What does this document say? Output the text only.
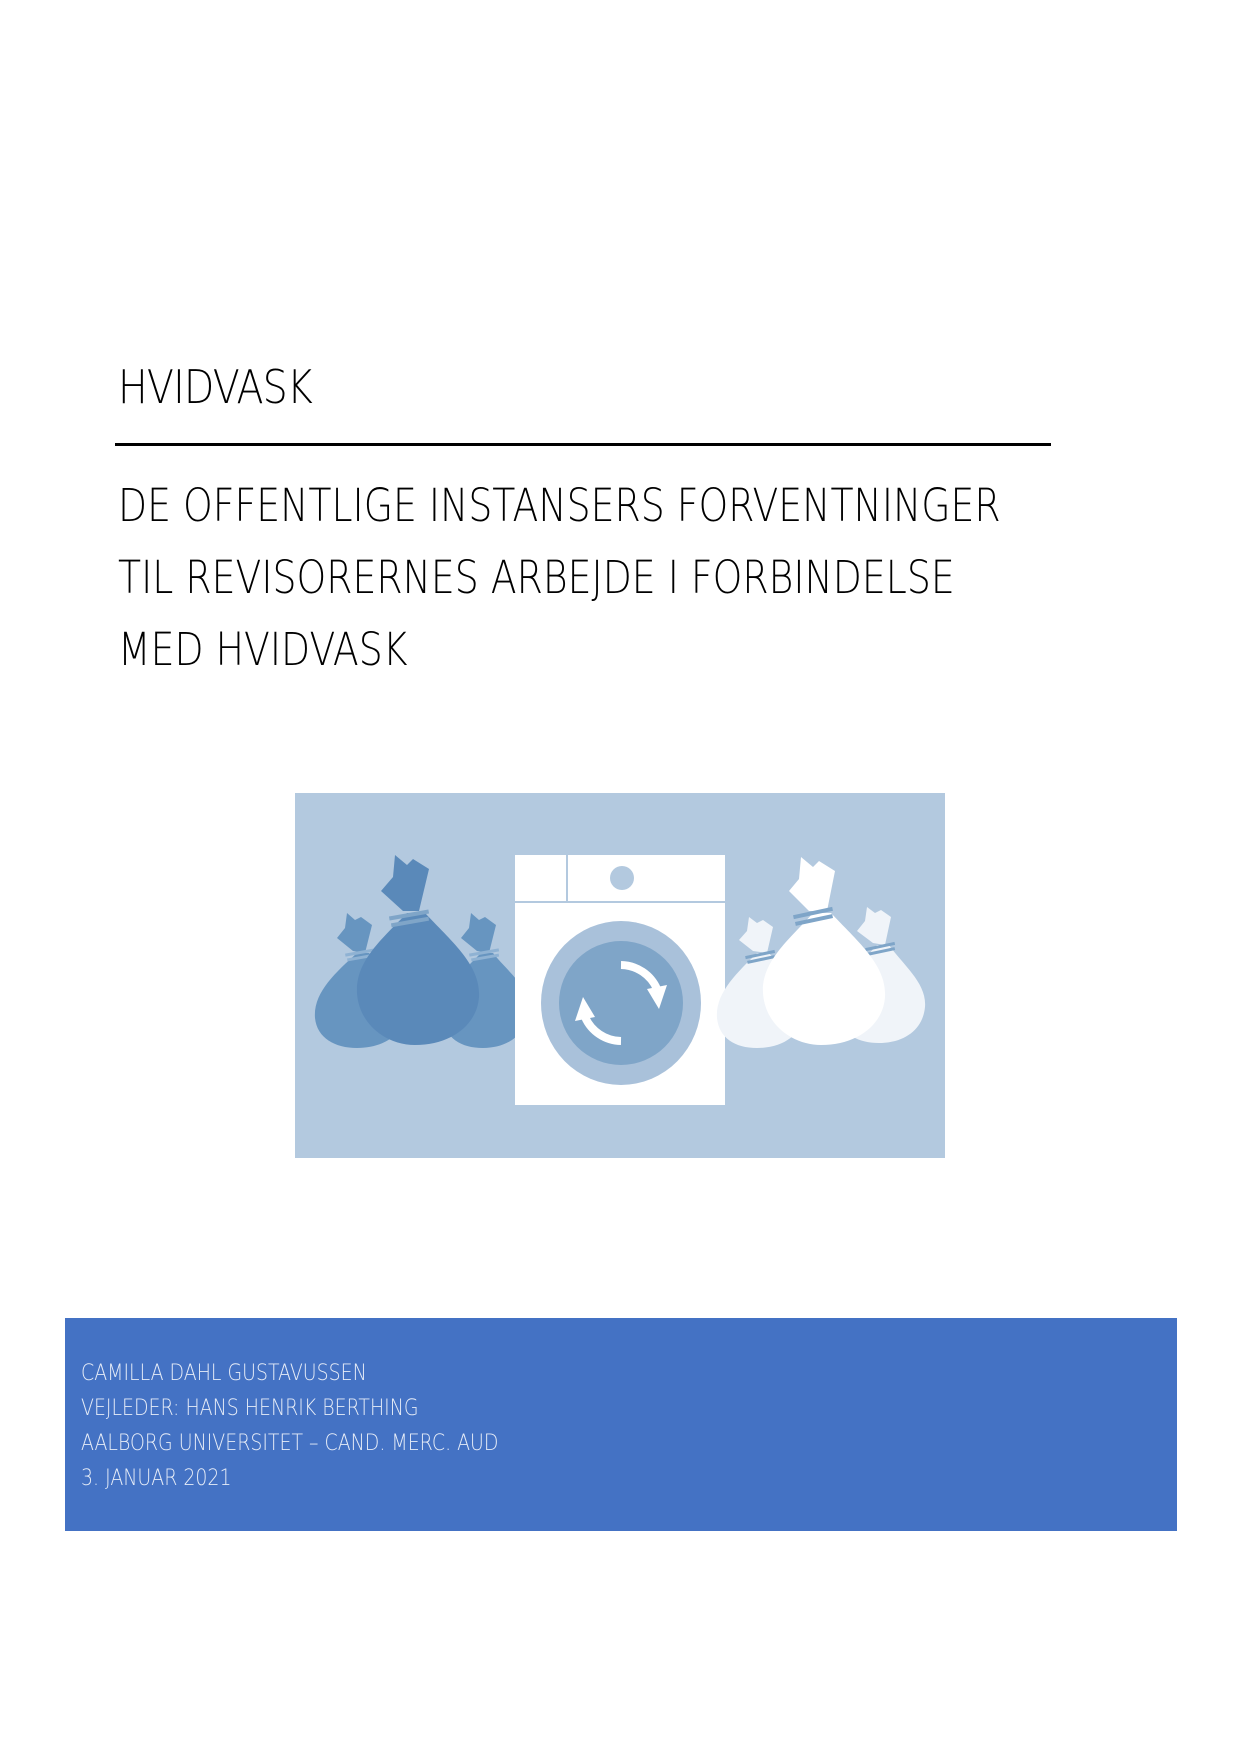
HVIDVASK
DE OFFENTLIGE INSTANSERS FORVENTNINGER
TIL REVISORERNES ARBEJDE I FORBINDELSE
MED HVIDVASK
CAMILLA DAHL GUSTAVUSSEN
VEJLEDER: HANS HENRIK BERTHING
AALBORG UNIVERSITET – CAND. MERC. AUD
3. JANUAR 2021
